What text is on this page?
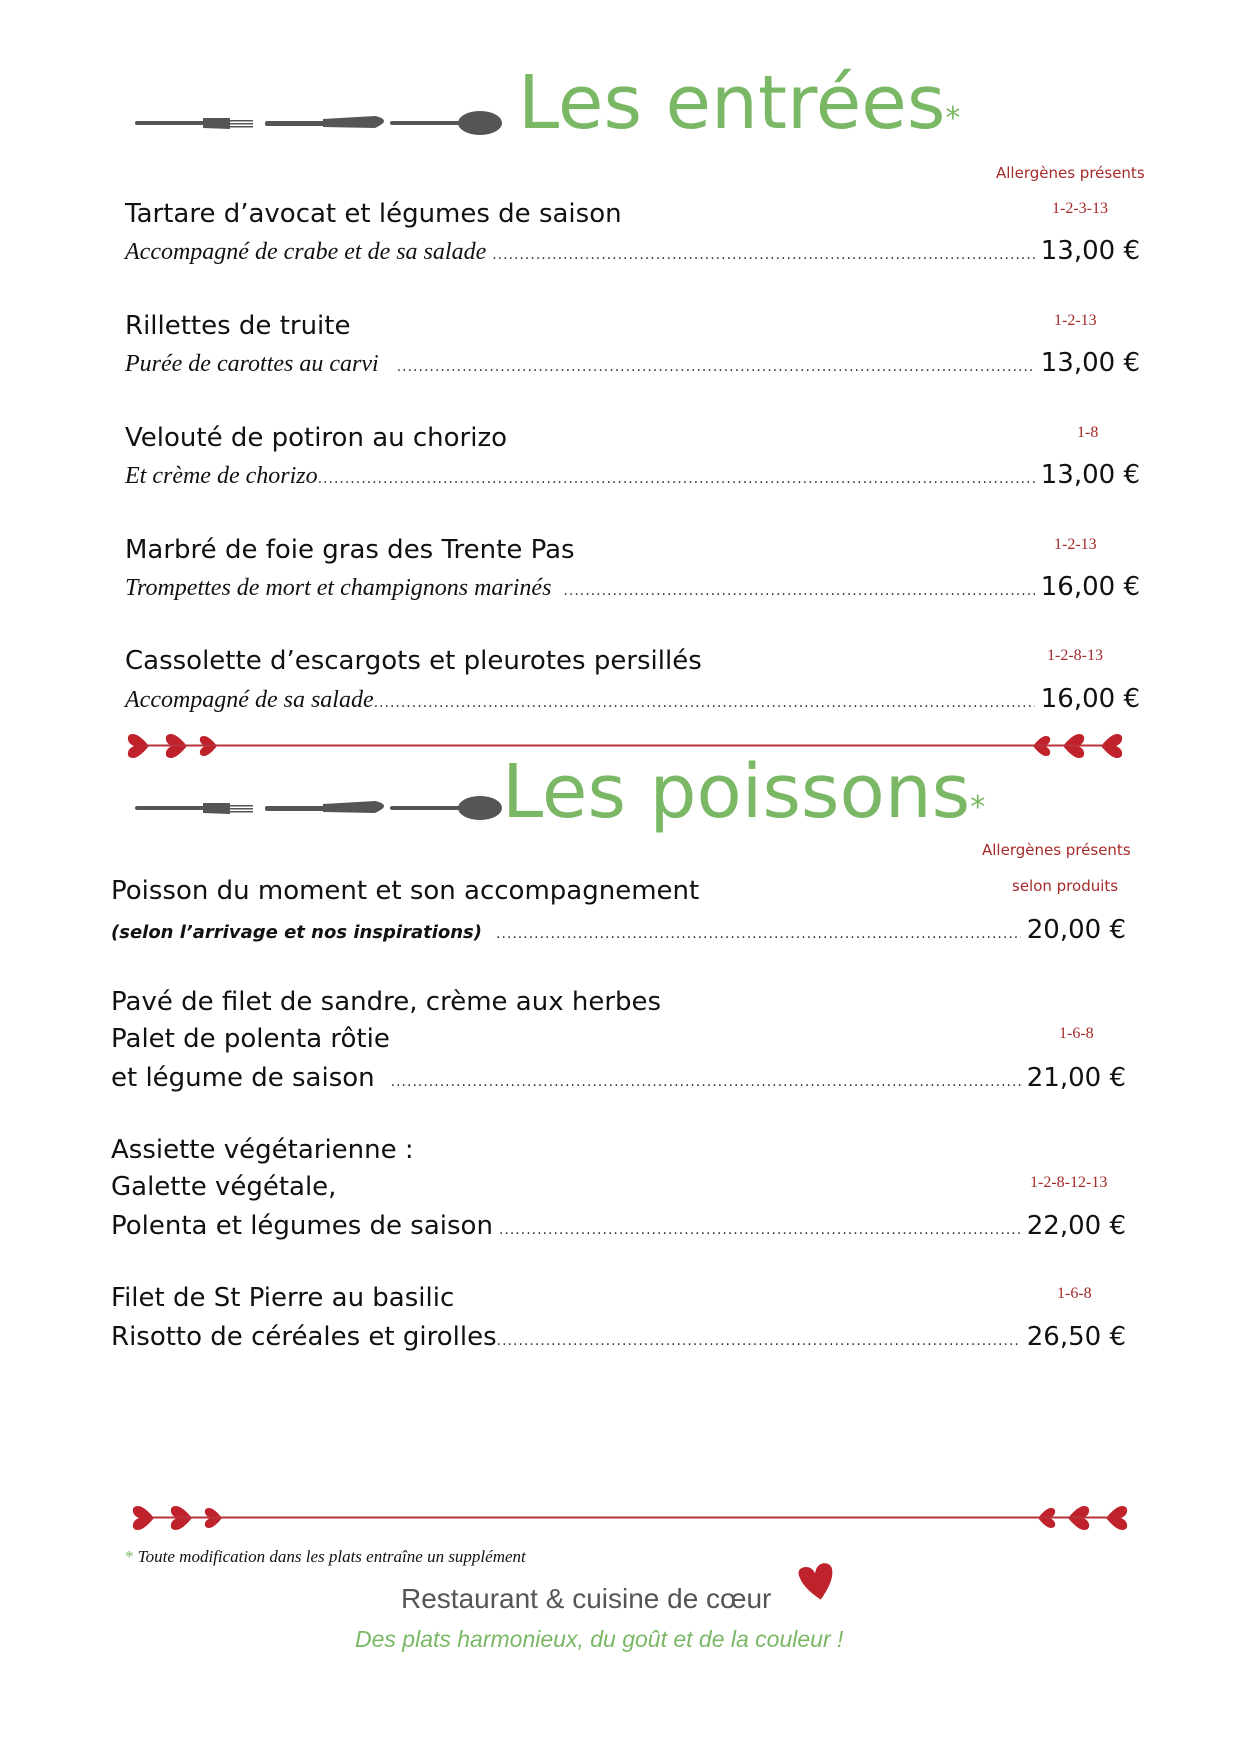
Les entrées*
Allergènes présents
Tartare d’avocat et légumes de saison	1-2-3-13
Accompagné de crabe et de sa salade .....	13,00 €
Rillettes de truite	1-2-13
Purée de carottes au carvi .....	13,00 €
Velouté de potiron au chorizo	1-8
Et crème de chorizo .....	13,00 €
Marbré de foie gras des Trente Pas	1-2-13
Trompettes de mort et champignons marinés .....	16,00 €
Cassolette d’escargots et pleurotes persillés	1-2-8-13
Accompagné de sa salade .....	16,00 €
Les poissons*
Allergènes présents
Poisson du moment et son accompagnement	selon produits
(selon l’arrivage et nos inspirations) .....	20,00 €
Pavé de filet de sandre, crème aux herbes
Palet de polenta rôtie	1-6-8
et légume de saison .....	21,00 €
Assiette végétarienne :
Galette végétale,	1-2-8-12-13
Polenta et légumes de saison .....	22,00 €
Filet de St Pierre au basilic	1-6-8
Risotto de céréales et girolles .....	26,50 €
* Toute modification dans les plats entraîne un supplément
Restaurant & cuisine de cœur
Des plats harmonieux, du goût et de la couleur !
